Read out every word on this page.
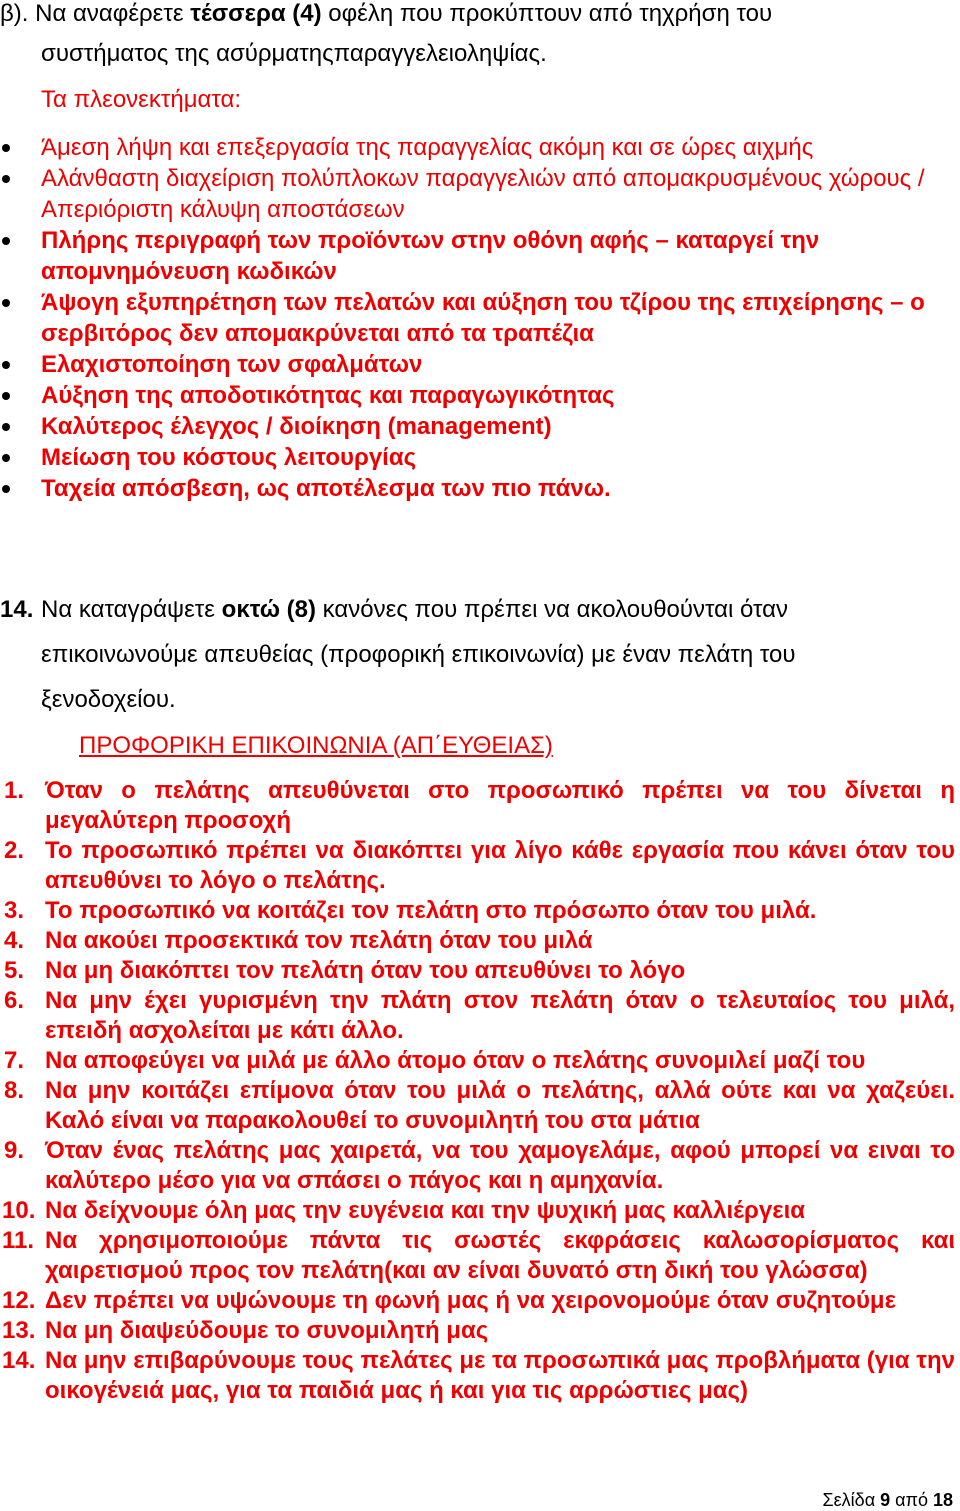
β). Να αναφέρετε τέσσερα (4) οφέλη που προκύπτουν από τηχρήση του
συστήματος της ασύρματηςπαραγγελειοληψίας.
Τα πλεονεκτήματα:
Άμεση λήψη και επεξεργασία της παραγγελίας ακόμη και σε ώρες αιχμής
Αλάνθαστη διαχείριση πολύπλοκων παραγγελιών από απομακρυσμένους χώρους / Απεριόριστη κάλυψη αποστάσεων
Πλήρης περιγραφή των προϊόντων στην οθόνη αφής – καταργεί την απομνημόνευση κωδικών
Άψογη εξυπηρέτηση των πελατών και αύξηση του τζίρου της επιχείρησης – ο σερβιτόρος δεν απομακρύνεται από τα τραπέζια
Ελαχιστοποίηση των σφαλμάτων
Αύξηση της αποδοτικότητας και παραγωγικότητας
Καλύτερος έλεγχος / διοίκηση (management)
Μείωση του κόστους λειτουργίας
Ταχεία απόσβεση, ως αποτέλεσμα των πιο πάνω.
14. Να καταγράψετε οκτώ (8) κανόνες που πρέπει να ακολουθούνται όταν
επικοινωνούμε απευθείας (προφορική επικοινωνία) με έναν πελάτη του
ξενοδοχείου.
ΠΡΟΦΟΡΙΚΗ ΕΠΙΚΟΙΝΩΝΙΑ (ΑΠ΄ΕΥΘΕΙΑΣ)
1. Όταν ο πελάτης απευθύνεται στο προσωπικό πρέπει να του δίνεται η μεγαλύτερη προσοχή
2. Το προσωπικό πρέπει να διακόπτει για λίγο κάθε εργασία που κάνει όταν του απευθύνει το λόγο ο πελάτης.
3. Το προσωπικό να κοιτάζει τον πελάτη στο πρόσωπο όταν του μιλά.
4. Να ακούει προσεκτικά τον πελάτη όταν του μιλά
5. Να μη διακόπτει τον πελάτη όταν του απευθύνει το λόγο
6. Να μην έχει γυρισμένη την πλάτη στον πελάτη όταν ο τελευταίος του μιλά, επειδή ασχολείται με κάτι άλλο.
7. Να αποφεύγει να μιλά με άλλο άτομο όταν ο πελάτης συνομιλεί μαζί του
8. Να μην κοιτάζει επίμονα όταν του μιλά ο πελάτης, αλλά ούτε και να χαζεύει. Καλό είναι να παρακολουθεί το συνομιλητή του στα μάτια
9. Όταν ένας πελάτης μας χαιρετά, να του χαμογελάμε, αφού μπορεί να ειναι το καλύτερο μέσο για να σπάσει ο πάγος και η αμηχανία.
10. Να δείχνουμε όλη μας την ευγένεια και την ψυχική μας καλλιέργεια
11. Να χρησιμοποιούμε πάντα τις σωστές εκφράσεις καλωσορίσματος και χαιρετισμού προς τον πελάτη(και αν είναι δυνατό στη δική του γλώσσα)
12. Δεν πρέπει να υψώνουμε τη φωνή μας ή να χειρονομούμε όταν συζητούμε
13. Να μη διαψεύδουμε το συνομιλητή μας
14. Να μην επιβαρύνουμε τους πελάτες με τα προσωπικά μας προβλήματα (για την οικογένειά μας, για τα παιδιά μας ή και για τις αρρώστιες μας)
Σελίδα 9 από 18
